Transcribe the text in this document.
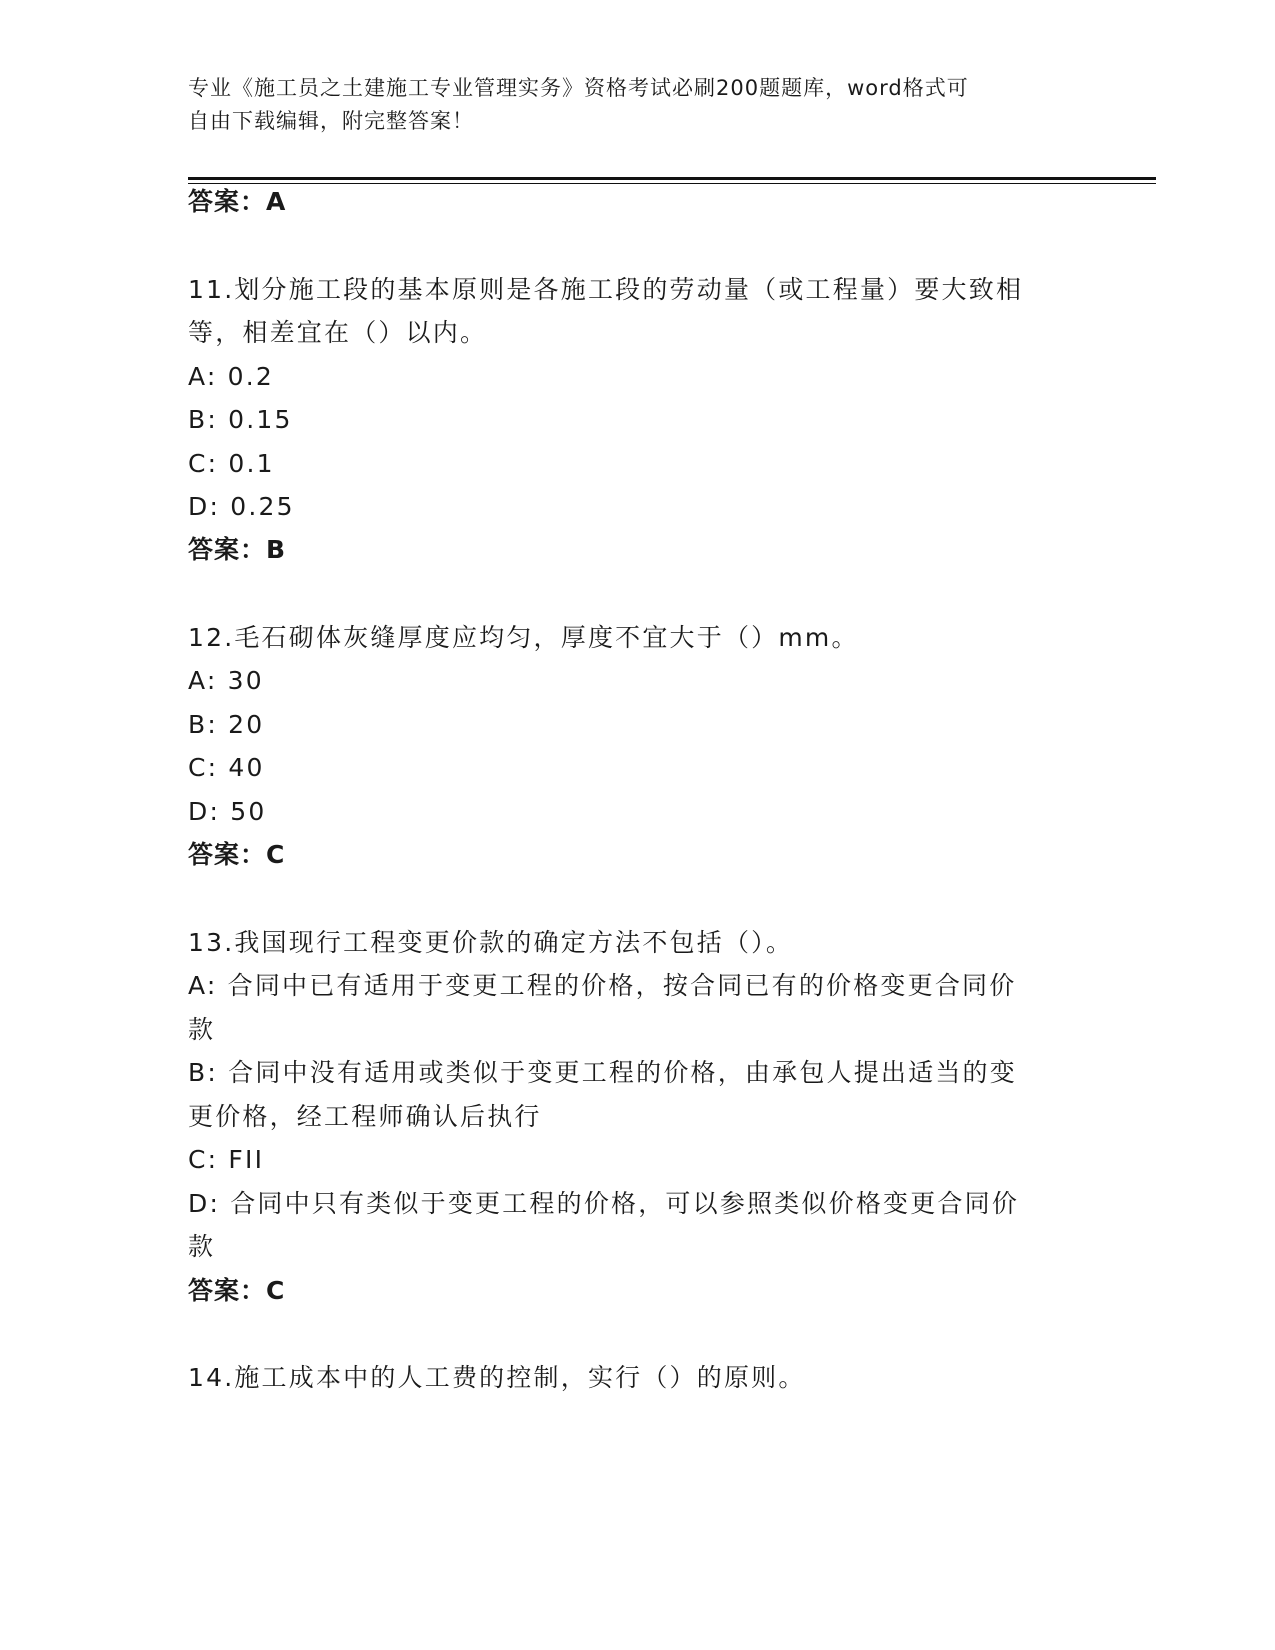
专业《施工员之土建施工专业管理实务》资格考试必刷200题题库，word格式可
自由下载编辑，附完整答案！
答案：A
11.划分施工段的基本原则是各施工段的劳动量（或工程量）要大致相
等，相差宜在（）以内。
A: 0.2
B: 0.15
C: 0.1
D: 0.25
答案：B
12.毛石砌体灰缝厚度应均匀，厚度不宜大于（）mm。
A: 30
B: 20
C: 40
D: 50
答案：C
13.我国现行工程变更价款的确定方法不包括（）。
A: 合同中已有适用于变更工程的价格，按合同已有的价格变更合同价
款
B: 合同中没有适用或类似于变更工程的价格，由承包人提出适当的变
更价格，经工程师确认后执行
C: FII
D: 合同中只有类似于变更工程的价格，可以参照类似价格变更合同价
款
答案：C
14.施工成本中的人工费的控制，实行（）的原则。
